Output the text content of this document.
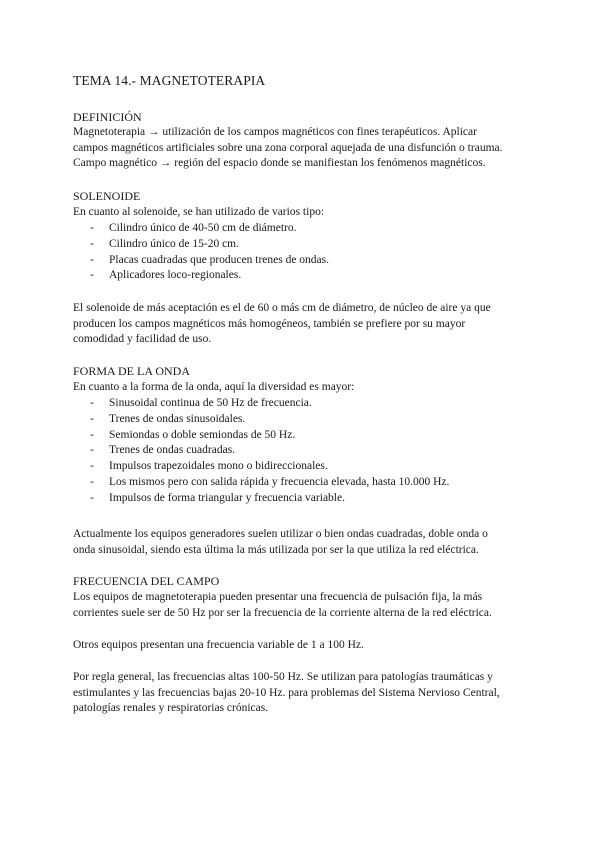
TEMA 14.- MAGNETOTERAPIA
DEFINICIÓN
Magnetoterapia → utilización de los campos magnéticos con fines terapéuticos. Aplicar
campos magnéticos artificiales sobre una zona corporal aquejada de una disfunción o trauma.
Campo magnético → región del espacio donde se manifiestan los fenómenos magnéticos.
SOLENOIDE
En cuanto al solenoide, se han utilizado de varios tipo:
- Cilindro único de 40-50 cm de diámetro.
- Cilindro único de 15-20 cm.
- Placas cuadradas que producen trenes de ondas.
- Aplicadores loco-regionales.
El solenoide de más aceptación es el de 60 o más cm de diámetro, de núcleo de aire ya que
producen los campos magnéticos más homogéneos, también se prefiere por su mayor
comodidad y facilidad de uso.
FORMA DE LA ONDA
En cuanto a la forma de la onda, aquí la diversidad es mayor:
- Sinusoidal continua de 50 Hz de frecuencia.
- Trenes de ondas sinusoidales.
- Semiondas o doble semiondas de 50 Hz.
- Trenes de ondas cuadradas.
- Impulsos trapezoidales mono o bidireccionales.
- Los mismos pero con salida rápida y frecuencia elevada, hasta 10.000 Hz.
- Impulsos de forma triangular y frecuencia variable.
Actualmente los equipos generadores suelen utilizar o bien ondas cuadradas, doble onda o
onda sinusoidal, siendo esta última la más utilizada por ser la que utiliza la red eléctrica.
FRECUENCIA DEL CAMPO
Los equipos de magnetoterapia pueden presentar una frecuencia de pulsación fija, la más
corrientes suele ser de 50 Hz por ser la frecuencia de la corriente alterna de la red eléctrica.
Otros equipos presentan una frecuencia variable de 1 a 100 Hz.
Por regla general, las frecuencias altas 100-50 Hz. Se utilizan para patologías traumáticas y
estimulantes y las frecuencias bajas 20-10 Hz. para problemas del Sistema Nervioso Central,
patologías renales y respiratorias crónicas.
